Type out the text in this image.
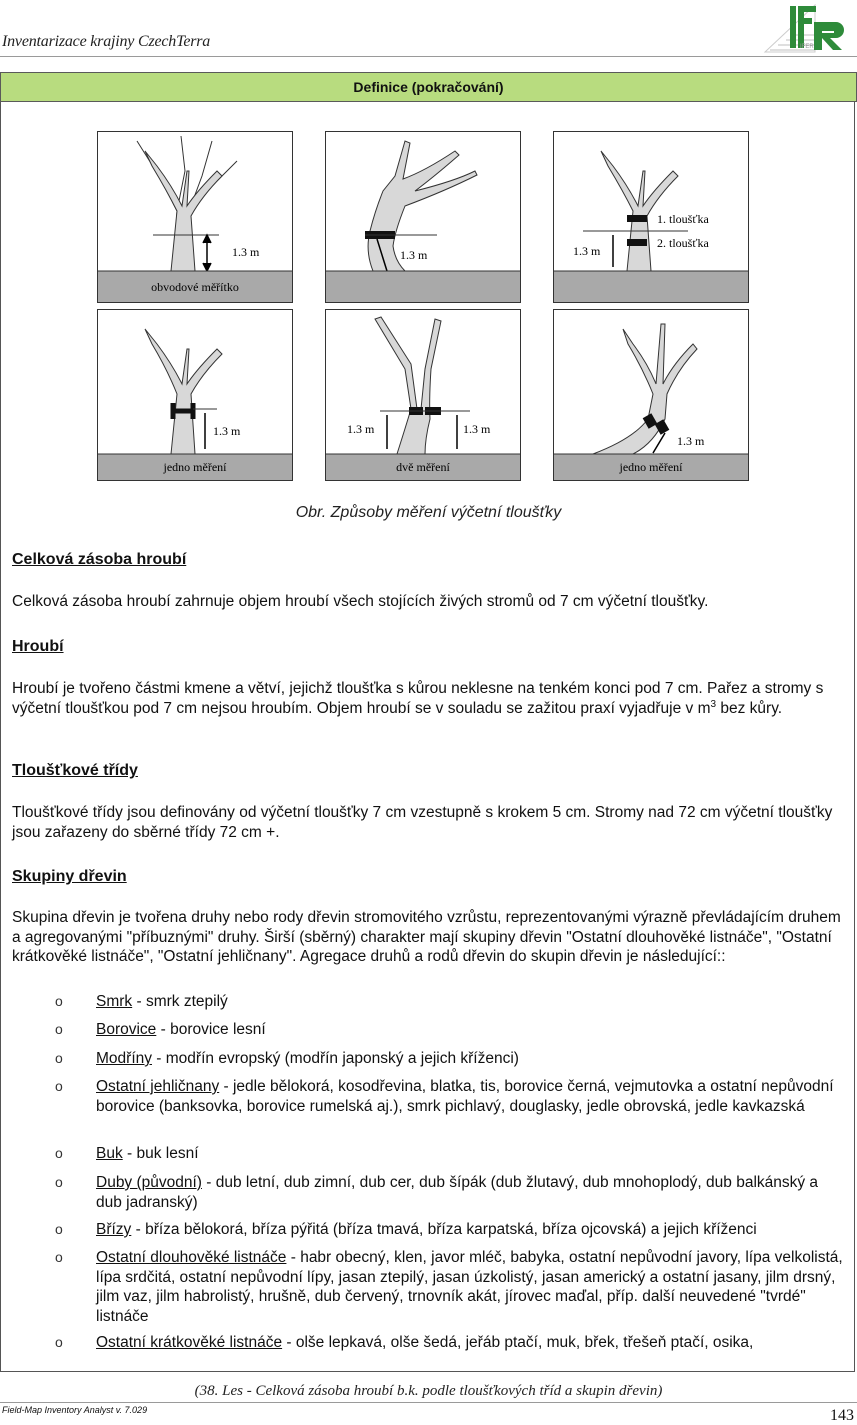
Inventarizace krajiny CzechTerra	IFER
Definice (pokračování)
1.3 m
obvodové měřítko
1.3 m
1. tloušťka
2. tloušťka
1.3 m
1.3 m
jedno měření
1.3 m	1.3 m
dvě měření
1.3 m
jedno měření
Obr. Způsoby měření výčetní tloušťky
Celková zásoba hroubí
Celková zásoba hroubí zahrnuje objem hroubí všech stojících živých stromů od 7 cm výčetní tloušťky.
Hroubí
Hroubí je tvořeno částmi kmene a větví, jejichž tloušťka s kůrou neklesne na tenkém konci pod 7 cm. Pařez a stromy s výčetní tloušťkou pod 7 cm nejsou hroubím. Objem hroubí se v souladu se zažitou praxí vyjadřuje v $m^3$ bez kůry.
Tloušťkové třídy
Tloušťkové třídy jsou definovány od výčetní tloušťky 7 cm vzestupně s krokem 5 cm. Stromy nad 72 cm výčetní tloušťky jsou zařazeny do sběrné třídy 72 cm +.
Skupiny dřevin
Skupina dřevin je tvořena druhy nebo rody dřevin stromovitého vzrůstu, reprezentovanými výrazně převládajícím druhem a agregovanými "příbuznými" druhy. Širší (sběrný) charakter mají skupiny dřevin "Ostatní dlouhověké listnáče", "Ostatní krátkověké listnáče", "Ostatní jehličnany". Agregace druhů a rodů dřevin do skupin dřevin je následující::
o Smrk - smrk ztepilý
o Borovice - borovice lesní
o Modříny - modřín evropský (modřín japonský a jejich kříženci)
o Ostatní jehličnany - jedle bělokorá, kosodřevina, blatka, tis, borovice černá, vejmutovka a ostatní nepůvodní borovice (banksovka, borovice rumelská aj.), smrk pichlavý, douglasky, jedle obrovská, jedle kavkazská
o Buk - buk lesní
o Duby (původní) - dub letní, dub zimní, dub cer, dub šípák (dub žlutavý, dub mnohoplodý, dub balkánský a dub jadranský)
o Břízy - bříza bělokorá, bříza pýřitá (bříza tmavá, bříza karpatská, bříza ojcovská) a jejich kříženci
o Ostatní dlouhověké listnáče - habr obecný, klen, javor mléč, babyka, ostatní nepůvodní javory, lípa velkolistá, lípa srdčitá, ostatní nepůvodní lípy, jasan ztepilý, jasan úzkolistý, jasan americký a ostatní jasany, jilm drsný, jilm vaz, jilm habrolistý, hrušně, dub červený, trnovník akát, jírovec maďal, příp. další neuvedené "tvrdé" listnáče
o Ostatní krátkověké listnáče - olše lepkavá, olše šedá, jeřáb ptačí, muk, břek, třešeň ptačí, osika,
(38. Les - Celková zásoba hroubí b.k. podle tloušťkových tříd a skupin dřevin)
Field-Map Inventory Analyst v. 7.029	143
